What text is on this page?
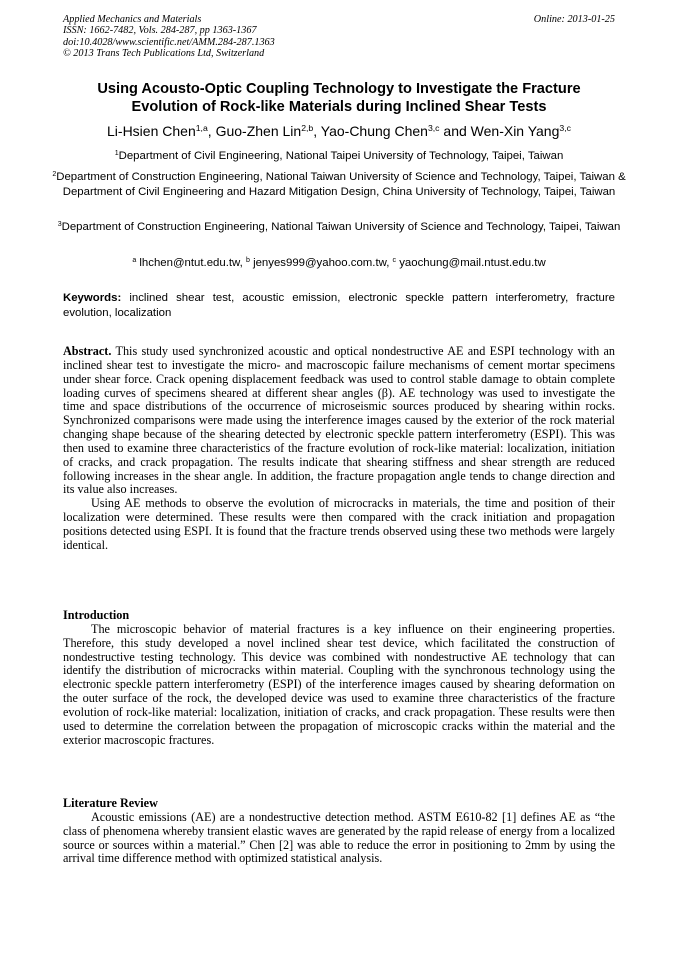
Applied Mechanics and Materials
ISSN: 1662-7482, Vols. 284-287, pp 1363-1367
doi:10.4028/www.scientific.net/AMM.284-287.1363
© 2013 Trans Tech Publications Ltd, Switzerland
Online: 2013-01-25
Using Acousto-Optic Coupling Technology to Investigate the Fracture
Evolution of Rock-like Materials during Inclined Shear Tests
Li-Hsien Chen$^{1,a}$, Guo-Zhen Lin$^{2,b}$, Yao-Chung Chen$^{3,c}$ and Wen-Xin Yang$^{3,c}$
$^1$Department of Civil Engineering, National Taipei University of Technology, Taipei, Taiwan
$^2$Department of Construction Engineering, National Taiwan University of Science and Technology, Taipei, Taiwan & Department of Civil Engineering and Hazard Mitigation Design, China University of Technology, Taipei, Taiwan
$^3$Department of Construction Engineering, National Taiwan University of Science and Technology, Taipei, Taiwan
$^a$ lhchen@ntut.edu.tw, $^b$ jenyes999@yahoo.com.tw, $^c$ yaochung@mail.ntust.edu.tw
Keywords: inclined shear test, acoustic emission, electronic speckle pattern interferometry, fracture evolution, localization

Abstract. This study used synchronized acoustic and optical nondestructive AE and ESPI technology with an inclined shear test to investigate the micro- and macroscopic failure mechanisms of cement mortar specimens under shear force. Crack opening displacement feedback was used to control stable damage to obtain complete loading curves of specimens sheared at different shear angles (β). AE technology was used to investigate the time and space distributions of the occurrence of microseismic sources produced by shearing within rocks. Synchronized comparisons were made using the interference images caused by the exterior of the rock material changing shape because of the shearing detected by electronic speckle pattern interferometry (ESPI). This was then used to examine three characteristics of the fracture evolution of rock-like material: localization, initiation of cracks, and crack propagation. The results indicate that shearing stiffness and shear strength are reduced following increases in the shear angle. In addition, the fracture propagation angle tends to change direction and its value also increases.

Using AE methods to observe the evolution of microcracks in materials, the time and position of their localization were determined. These results were then compared with the crack initiation and propagation positions detected using ESPI. It is found that the fracture trends observed using these two methods were largely identical.

Introduction

The microscopic behavior of material fractures is a key influence on their engineering properties. Therefore, this study developed a novel inclined shear test device, which facilitated the construction of nondestructive testing technology. This device was combined with nondestructive AE technology that can identify the distribution of microcracks within material. Coupling with the synchronous technology using the electronic speckle pattern interferometry (ESPI) of the interference images caused by shearing deformation on the outer surface of the rock, the developed device was used to examine three characteristics of the fracture evolution of rock-like material: localization, initiation of cracks, and crack propagation. These results were then used to determine the correlation between the propagation of microscopic cracks within the material and the exterior macroscopic fractures.

Literature Review

Acoustic emissions (AE) are a nondestructive detection method. ASTM E610-82 [1] defines AE as “the class of phenomena whereby transient elastic waves are generated by the rapid release of energy from a localized source or sources within a material.” Chen [2] was able to reduce the error in positioning to 2mm by using the arrival time difference method with optimized statistical analysis.
